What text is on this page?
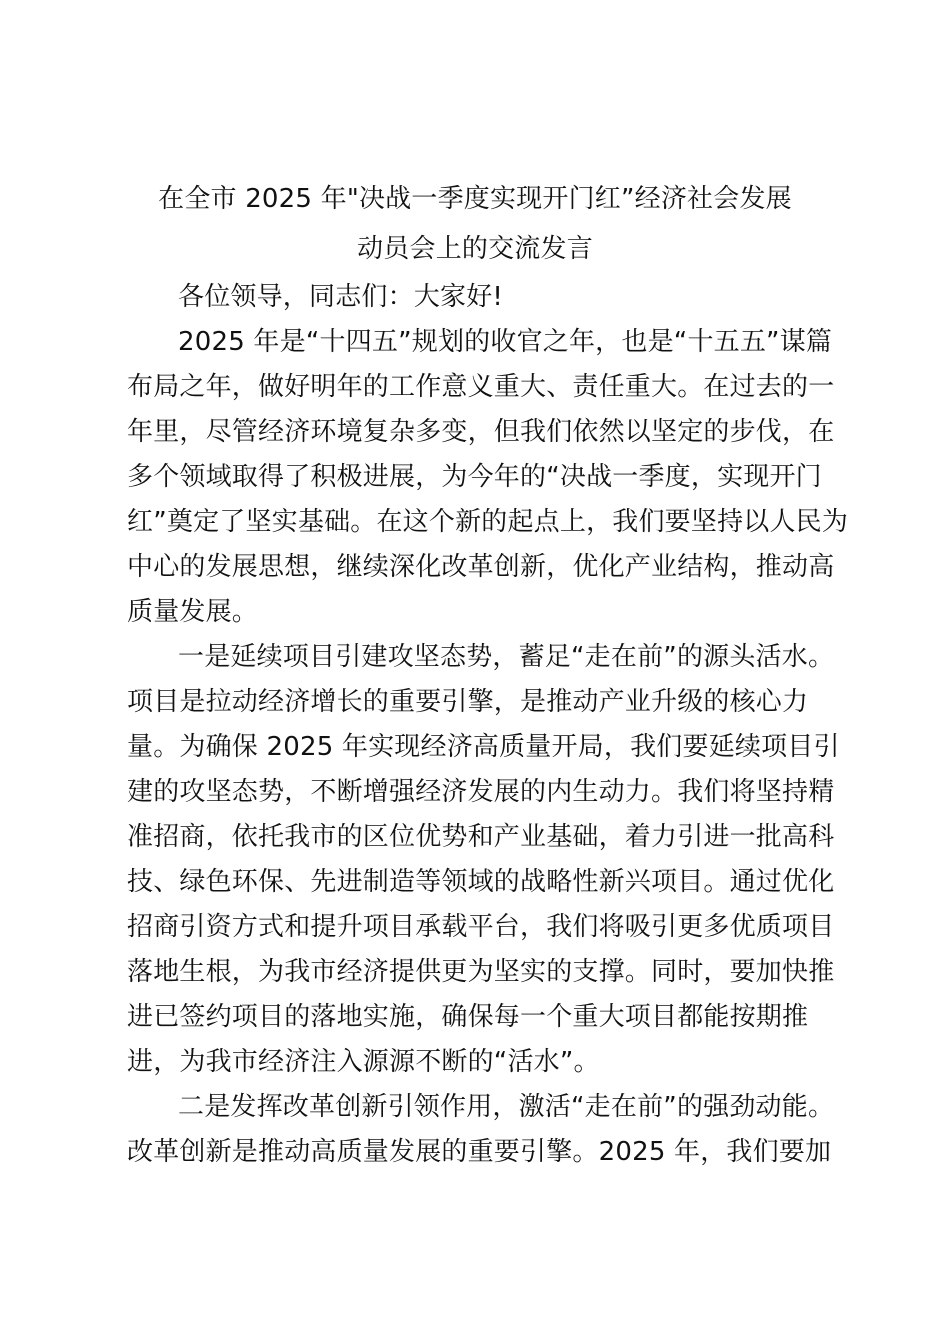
在全市 2025 年"决战一季度实现开门红”经济社会发展
动员会上的交流发言
各位领导，同志们：大家好!
2025 年是“十四五”规划的收官之年，也是“十五五”谋篇
布局之年，做好明年的工作意义重大、责任重大。在过去的一
年里，尽管经济环境复杂多变，但我们依然以坚定的步伐，在
多个领域取得了积极进展，为今年的“决战一季度，实现开门
红”奠定了坚实基础。在这个新的起点上，我们要坚持以人民为
中心的发展思想，继续深化改革创新，优化产业结构，推动高
质量发展。
一是延续项目引建攻坚态势，蓄足“走在前”的源头活水。
项目是拉动经济增长的重要引擎，是推动产业升级的核心力
量。为确保 2025 年实现经济高质量开局，我们要延续项目引
建的攻坚态势，不断增强经济发展的内生动力。我们将坚持精
准招商，依托我市的区位优势和产业基础，着力引进一批高科
技、绿色环保、先进制造等领域的战略性新兴项目。通过优化
招商引资方式和提升项目承载平台，我们将吸引更多优质项目
落地生根，为我市经济提供更为坚实的支撑。同时，要加快推
进已签约项目的落地实施，确保每一个重大项目都能按期推
进，为我市经济注入源源不断的“活水”。
二是发挥改革创新引领作用，激活“走在前”的强劲动能。
改革创新是推动高质量发展的重要引擎。2025 年，我们要加
